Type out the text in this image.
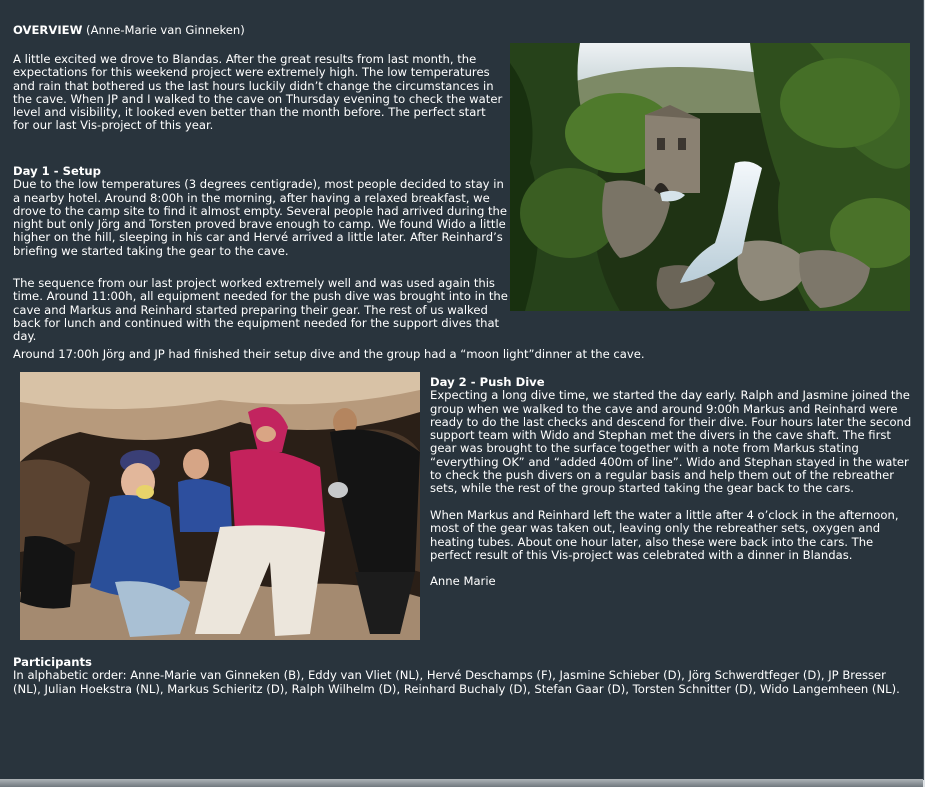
OVERVIEW (Anne-Marie van Ginneken)

A little excited we drove to Blandas. After the great results from last month, the expectations for this weekend project were extremely high. The low temperatures and rain that bothered us the last hours luckily didn’t change the circumstances in the cave. When JP and I walked to the cave on Thursday evening to check the water level and visibility, it looked even better than the month before. The perfect start for our last Vis-project of this year.

Day 1 - Setup

Due to the low temperatures (3 degrees centigrade), most people decided to stay in a nearby hotel. Around 8:00h in the morning, after having a relaxed breakfast, we drove to the camp site to find it almost empty. Several people had arrived during the night but only Jörg and Torsten proved brave enough to camp. We found Wido a little higher on the hill, sleeping in his car and Hervé arrived a little later. After Reinhard’s briefing we started taking the gear to the cave.

The sequence from our last project worked extremely well and was used again this time. Around 11:00h, all equipment needed for the push dive was brought into in the cave and Markus and Reinhard started preparing their gear. The rest of us walked back for lunch and continued with the equipment needed for the support dives that day.

Around 17:00h Jörg and JP had finished their setup dive and the group had a “moon light”dinner at the cave.

Day 2 - Push Dive

Expecting a long dive time, we started the day early. Ralph and Jasmine joined the group when we walked to the cave and around 9:00h Markus and Reinhard were ready to do the last checks and descend for their dive. Four hours later the second support team with Wido and Stephan met the divers in the cave shaft. The first gear was brought to the surface together with a note from Markus stating “everything OK” and “added 400m of line”. Wido and Stephan stayed in the water to check the push divers on a regular basis and help them out of the rebreather sets, while the rest of the group started taking the gear back to the cars.

When Markus and Reinhard left the water a little after 4 o’clock in the afternoon, most of the gear was taken out, leaving only the rebreather sets, oxygen and heating tubes. About one hour later, also these were back into the cars. The perfect result of this Vis-project was celebrated with a dinner in Blandas.

Anne Marie

Participants

In alphabetic order: Anne-Marie van Ginneken (B), Eddy van Vliet (NL), Hervé Deschamps (F), Jasmine Schieber (D), Jörg Schwerdtfeger (D), JP Bresser (NL), Julian Hoekstra (NL), Markus Schieritz (D), Ralph Wilhelm (D), Reinhard Buchaly (D), Stefan Gaar (D), Torsten Schnitter (D), Wido Langemheen (NL).
